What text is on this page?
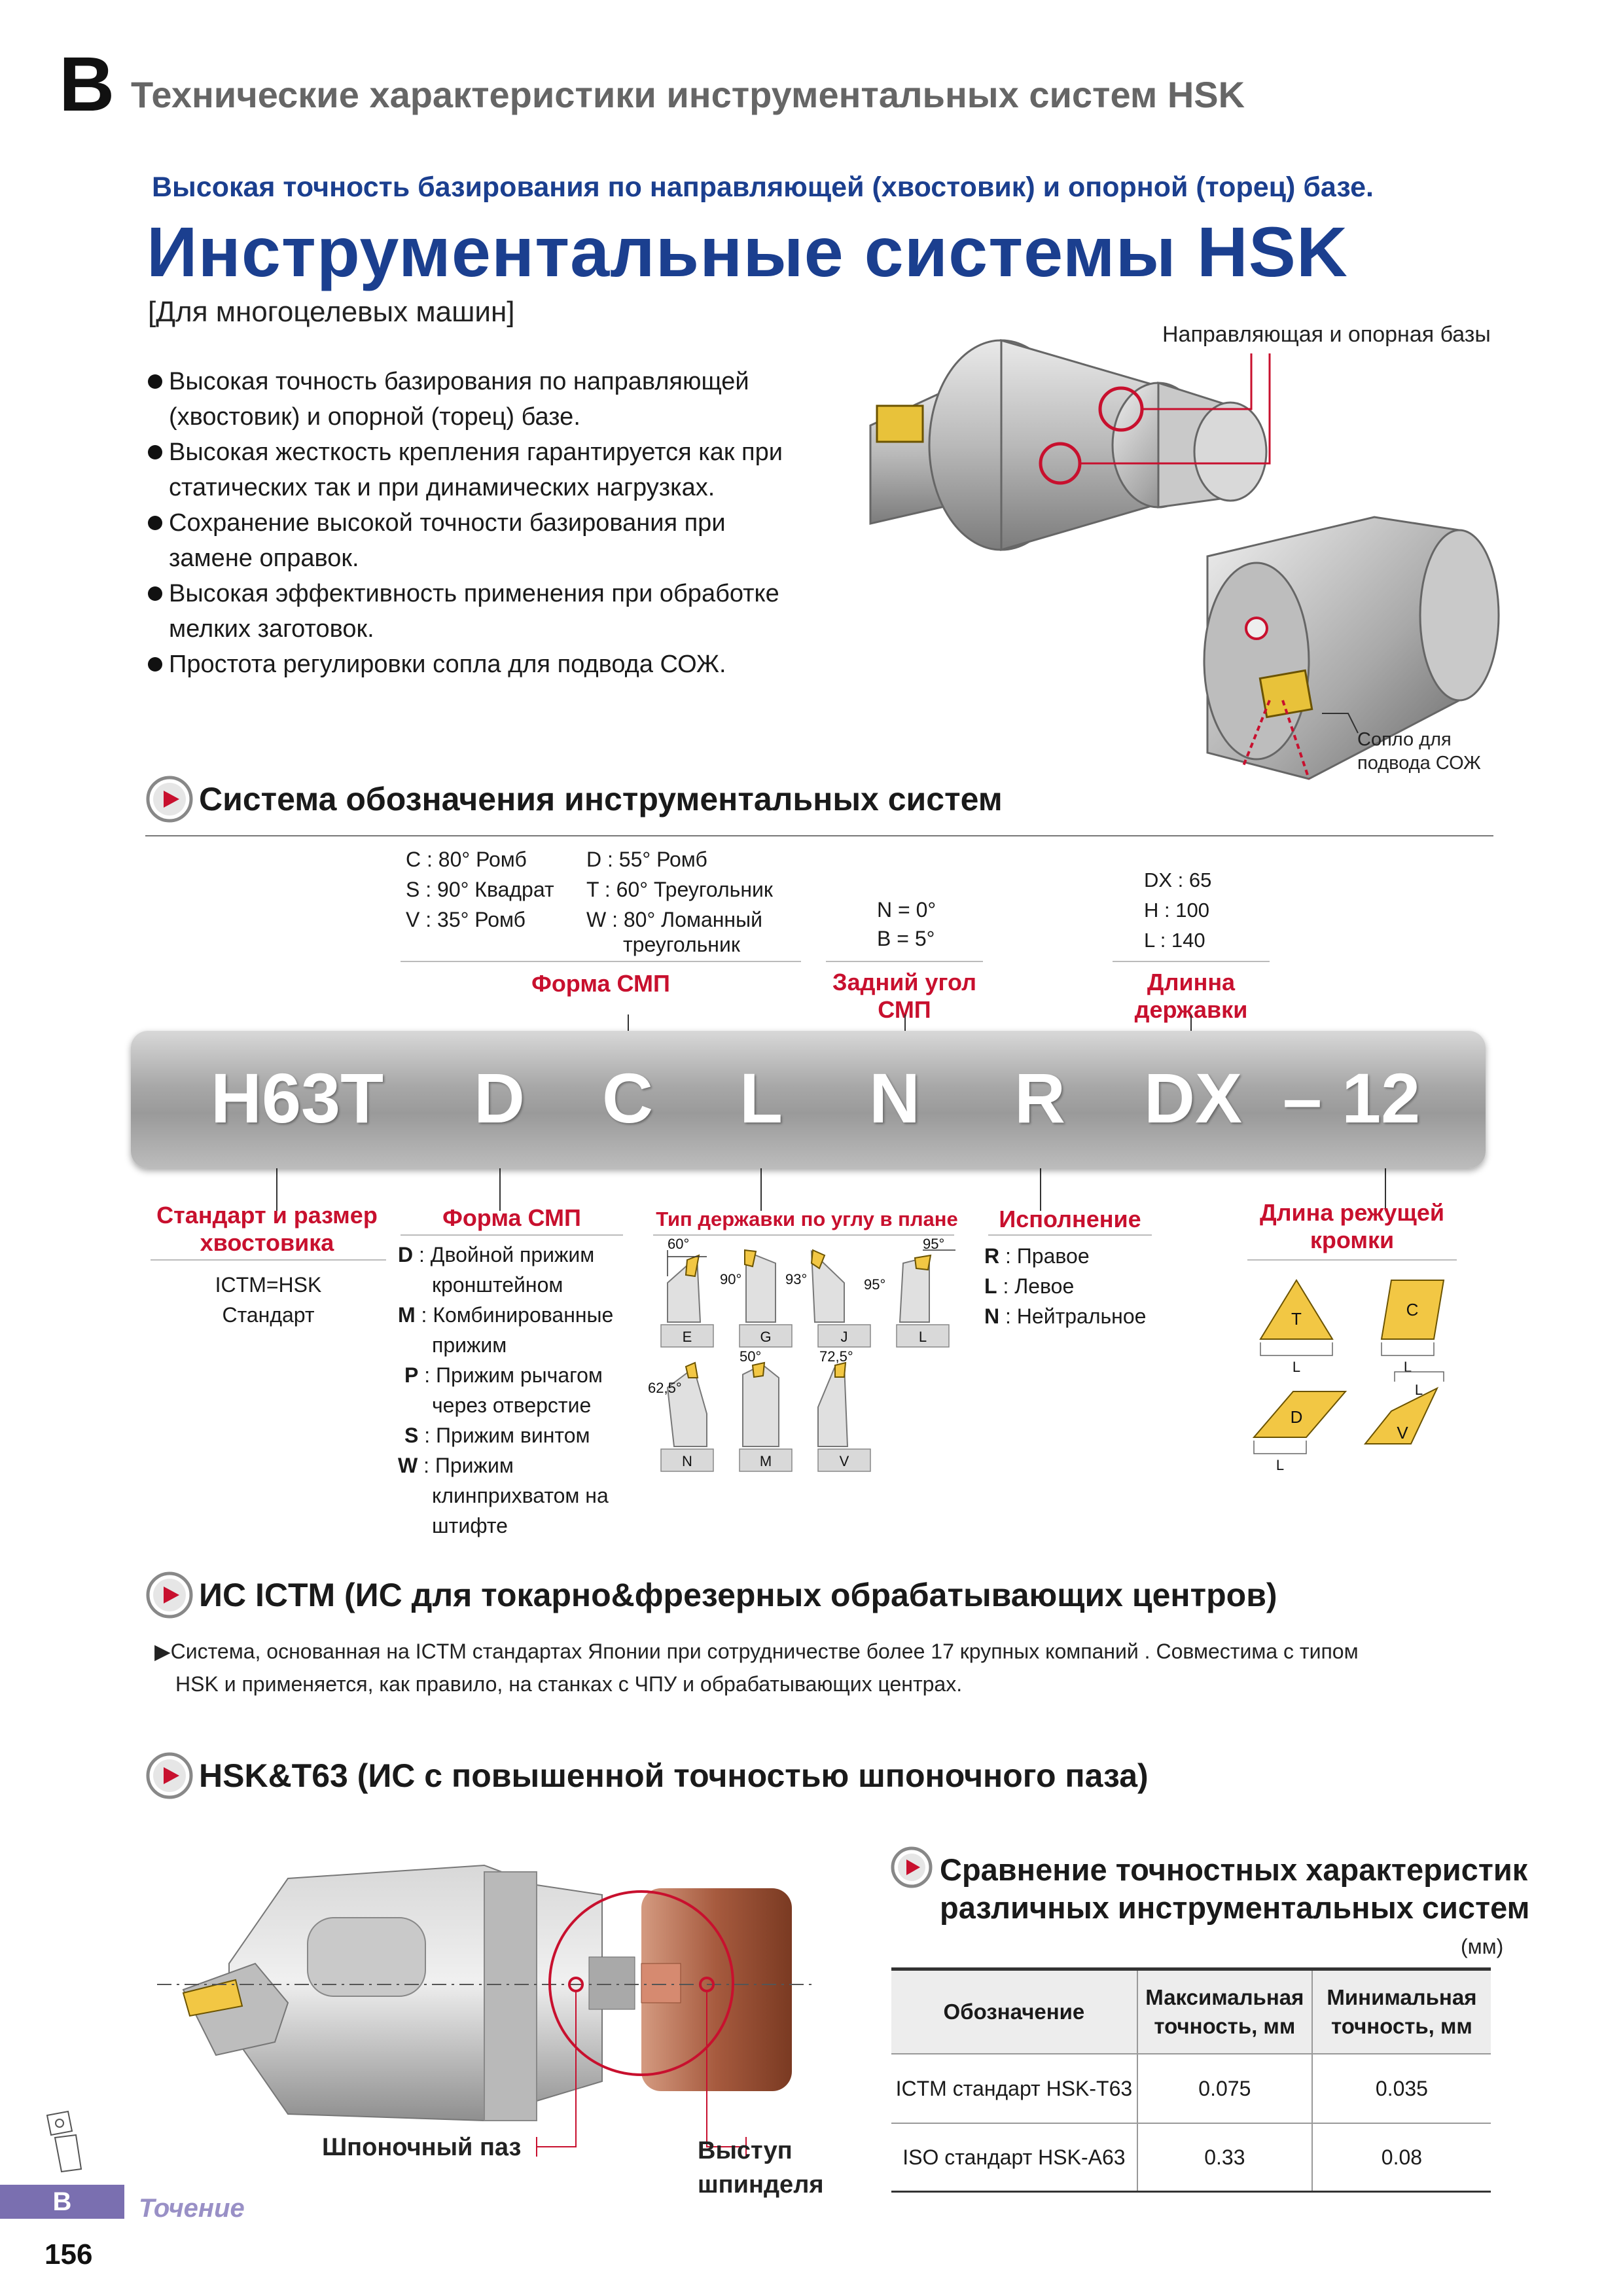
B Технические характеристики инструментальных систем HSK
Высокая точность базирования по направляющей (хвостовик) и опорной (торец) базе.
Инструментальные системы HSK
[Для многоцелевых машин]
Высокая точность базирования по направляющей (хвостовик) и опорной (торец) базе.
Высокая жесткость крепления гарантируется как при статических так и при динамических нагрузках.
Сохранение высокой точности базирования при замене оправок.
Высокая эффективность применения при обработке мелких заготовок.
Простота регулировки сопла для подвода СОЖ.
Направляющая и опорная базы
Сопло для
подвода СОЖ
Система обозначения инструментальных систем
C : 80° Ромб
S : 90° Квадрат
V : 35° Ромб
D : 55° Ромб
T : 60° Треугольник
W : 80° Ломанный
треугольник
Форма СМП
N = 0°
B = 5°
Задний угол
СМП
DX : 65
H : 100
L : 140
Длинна
державки
H63T D C L N R DX – 12
Стандарт и размер
хвостовика
ICTM=HSK
Стандарт
Форма СМП
D : Двойной прижим
кронштейном
M : Комбинированные
прижим
P : Прижим рычагом
через отверстие
S : Прижим винтом
W : Прижим
клинприхватом на
штифте
Тип державки по углу в плане
60°
90°	93°
95°
95°
62,5°
50°	72,5°
E	G	J	L
N	M	V
Исполнение
R : Правое
L : Левое
N : Нейтральное
Длина режущей
кромки
T
L
C
L
D
L
V
L
ИС ICTM (ИС для токарно&фрезерных обрабатывающих центров)
▶Система, основанная на ICTM стандартах Японии при сотрудничестве более 17 крупных компаний . Совместима с типом
HSK и применяется, как правило, на станках с ЧПУ и обрабатывающих центрах.
HSK&T63 (ИС с повышенной точностью шпоночного паза)
Шпоночный паз	Выступ
шпинделя
Сравнение точностных характеристик
различных инструментальных систем
(мм)
Обозначение	Максимальная точность, мм	Минимальная точность, мм
ICTM стандарт HSK-T63	0.075	0.035
ISO стандарт HSK-A63	0.33	0.08
B	Точение
156
